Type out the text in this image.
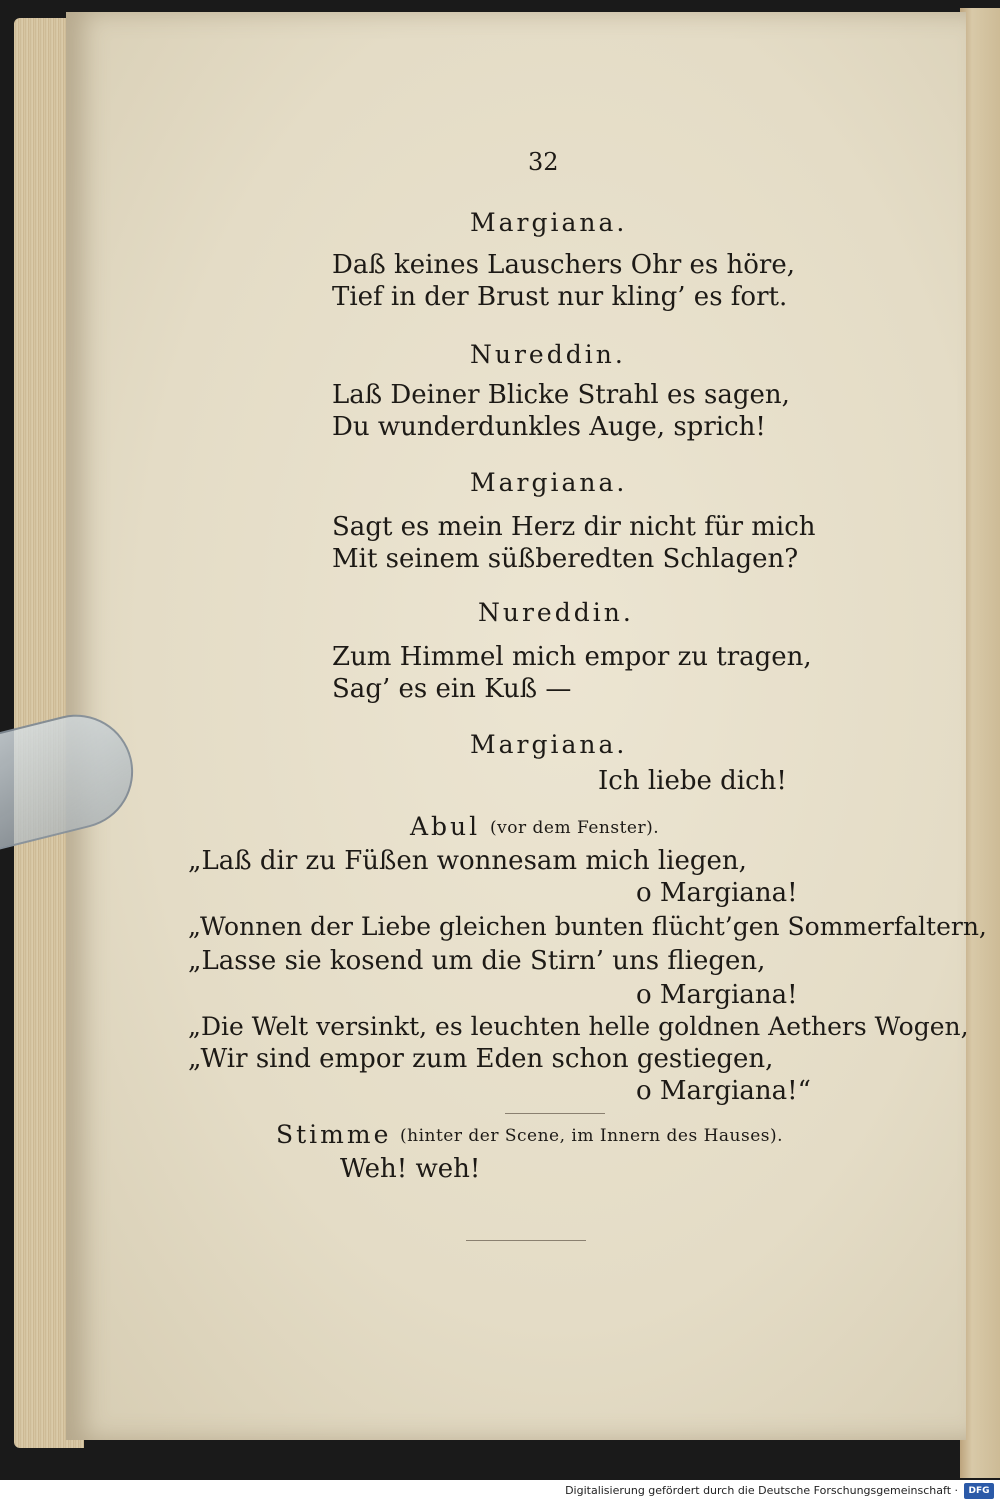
32
Margiana.
Daß keines Lauschers Ohr es höre,
Tief in der Brust nur kling’ es fort.
Nureddin.
Laß Deiner Blicke Strahl es sagen,
Du wunderdunkles Auge, sprich!
Margiana.
Sagt es mein Herz dir nicht für mich
Mit seinem süßberedten Schlagen?
Nureddin.
Zum Himmel mich empor zu tragen,
Sag’ es ein Kuß —
Margiana.
Ich liebe dich!
Abul (vor dem Fenster).
„Laß dir zu Füßen wonnesam mich liegen,
o Margiana!
„Wonnen der Liebe gleichen bunten flücht’gen Sommerfaltern,
„Lasse sie kosend um die Stirn’ uns fliegen,
o Margiana!
„Die Welt versinkt, es leuchten helle goldnen Aethers Wogen,
„Wir sind empor zum Eden schon gestiegen,
o Margiana!“
Stimme (hinter der Scene, im Innern des Hauses).
Weh! weh!
Digitalisierung gefördert durch die Deutsche Forschungsgemeinschaft ·	DFG
